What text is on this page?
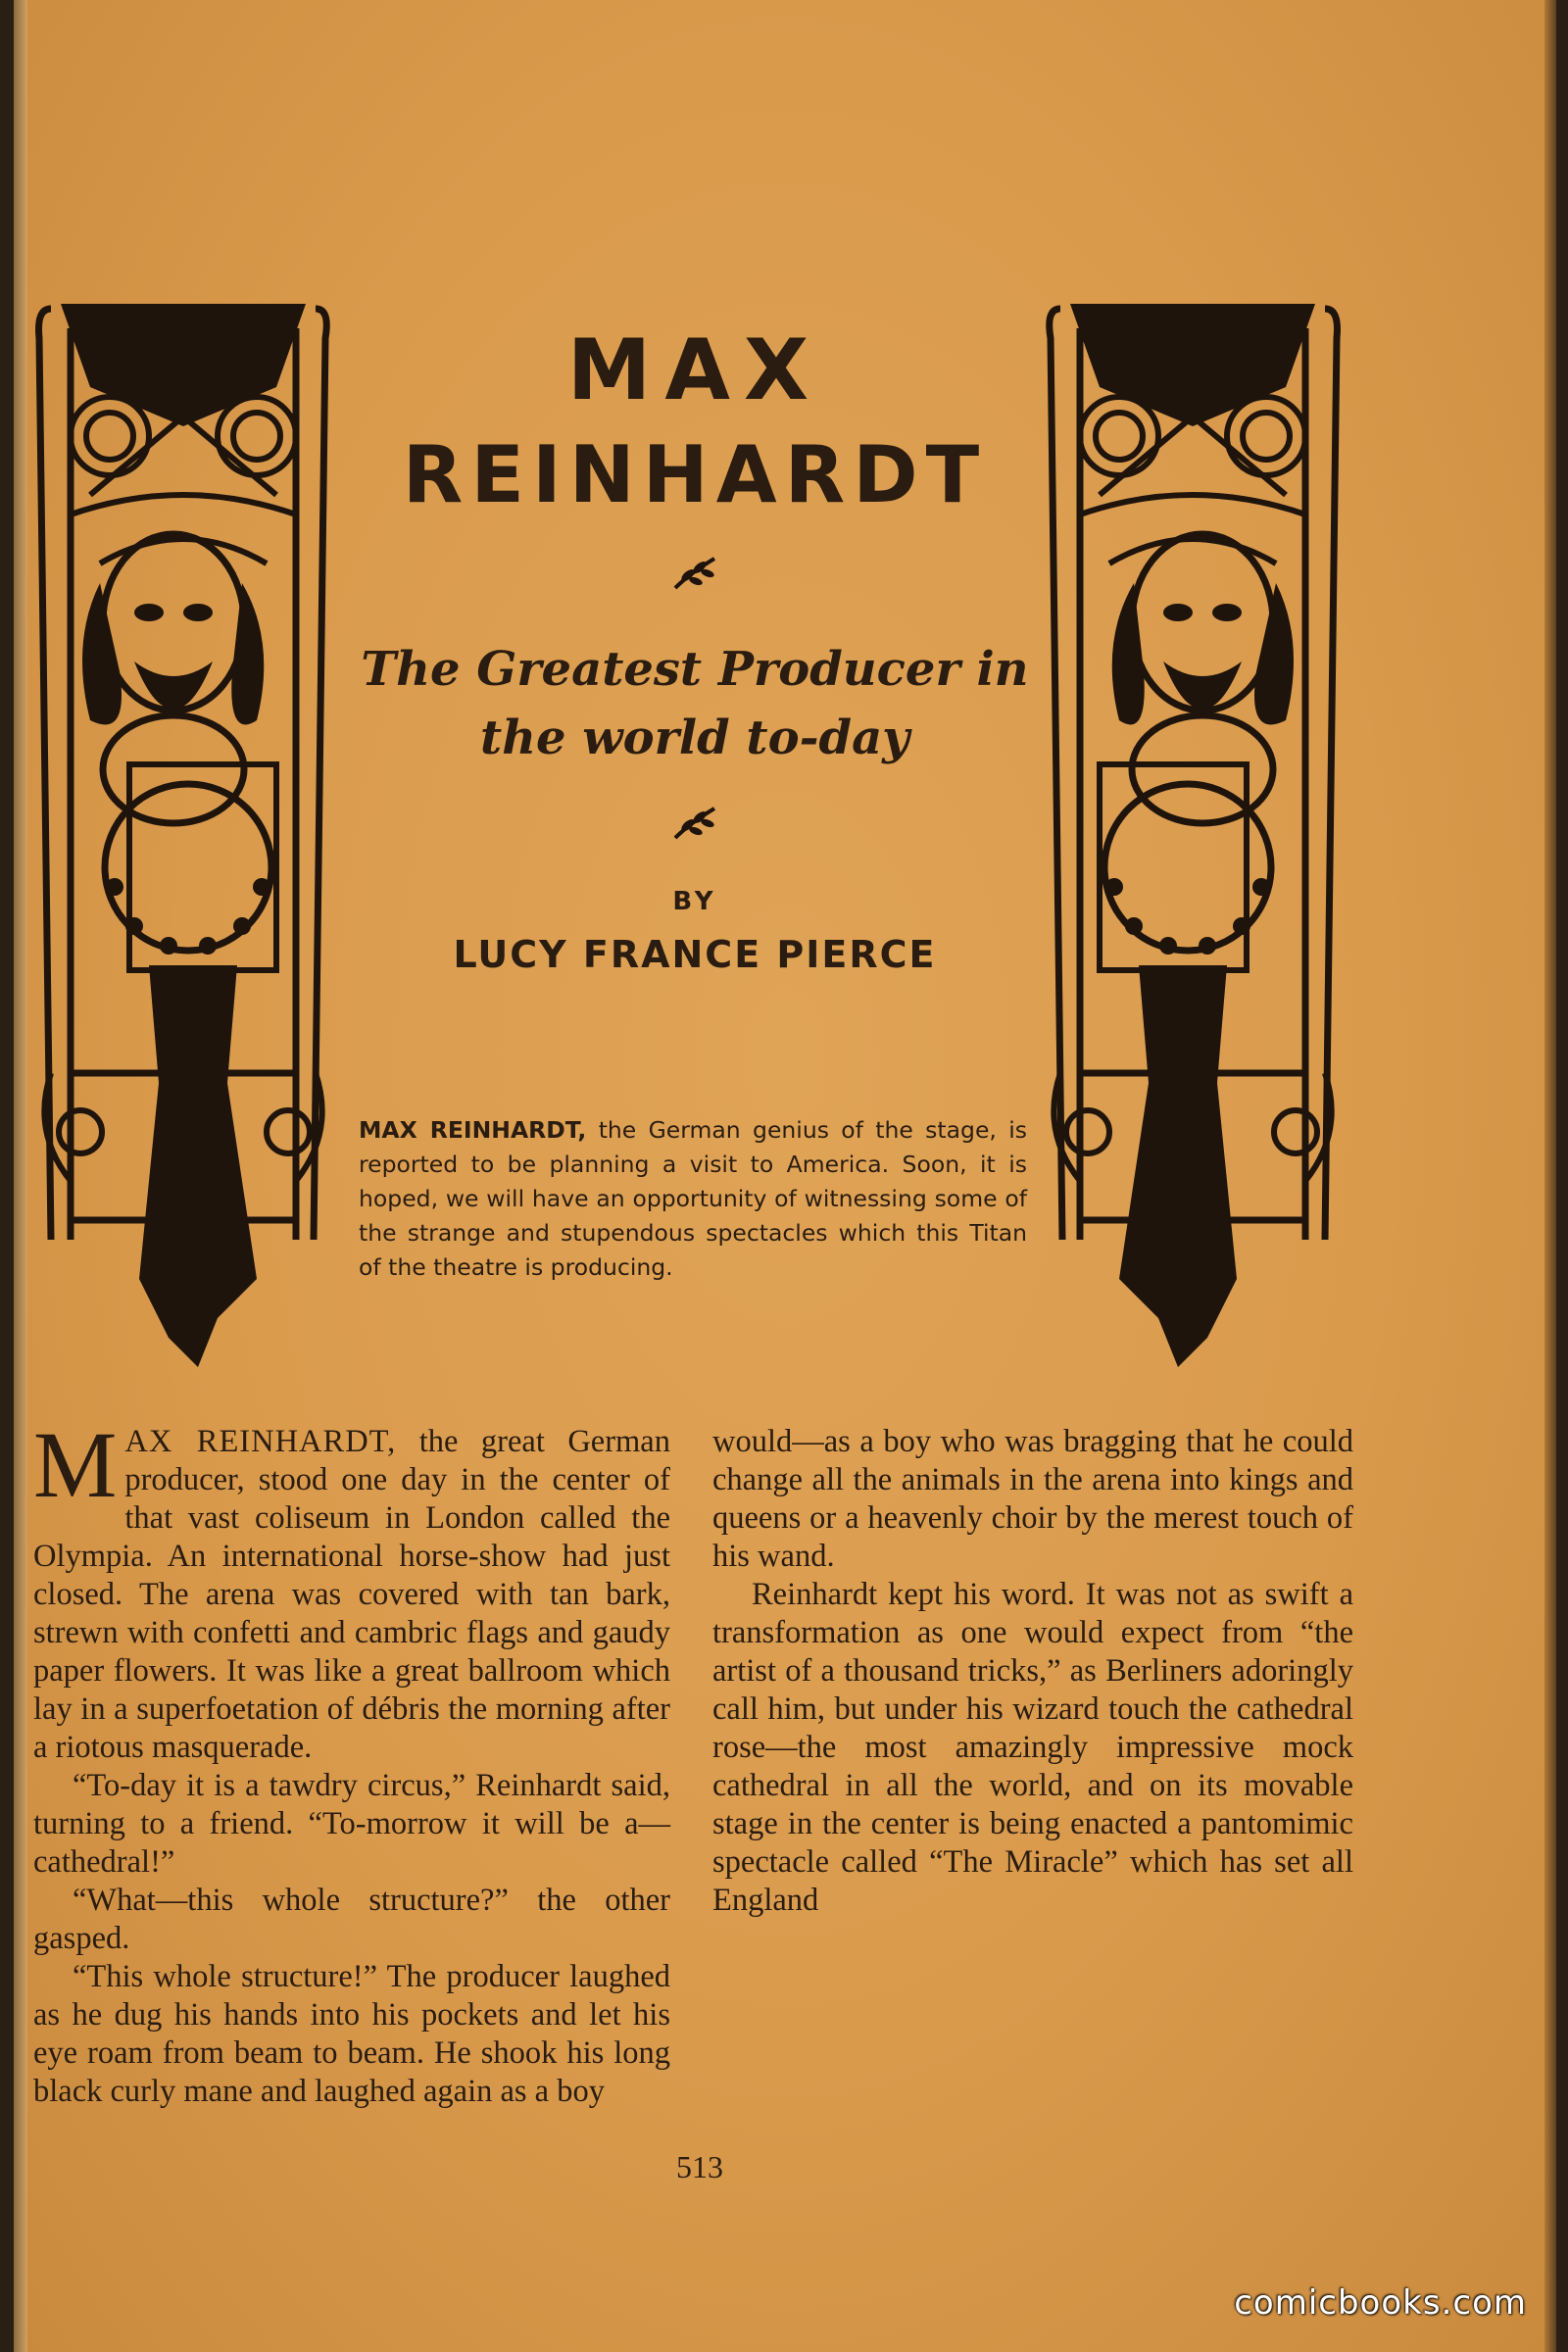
MAX
REINHARDT
The Greatest Producer in
the world to-day
BY
LUCY FRANCE PIERCE
MAX REINHARDT, the German genius of the stage, is reported to be planning a visit to America. Soon, it is hoped, we will have an opportunity of witnessing some of the strange and stupendous spectacles which this Titan of the theatre is producing.

MAX REINHARDT, the great German producer, stood one day in the center of that vast coliseum in London called the Olympia. An international horse-show had just closed. The arena was covered with tan bark, strewn with confetti and cambric flags and gaudy paper flowers. It was like a great ballroom which lay in a superfoetation of débris the morning after a riotous masquerade.

“To-day it is a tawdry circus,” Reinhardt said, turning to a friend. “To-morrow it will be a—cathedral!”

“What—this whole structure?” the other gasped.

“This whole structure!” The producer laughed as he dug his hands into his pockets and let his eye roam from beam to beam. He shook his long black curly mane and laughed again as a boy

would—as a boy who was bragging that he could change all the animals in the arena into kings and queens or a heavenly choir by the merest touch of his wand.

Reinhardt kept his word. It was not as swift a transformation as one would expect from “the artist of a thousand tricks,” as Berliners adoringly call him, but under his wizard touch the cathedral rose—the most amazingly impressive mock cathedral in all the world, and on its movable stage in the center is being enacted a pantomimic spectacle called “The Miracle” which has set all England

513
comicbooks.com
